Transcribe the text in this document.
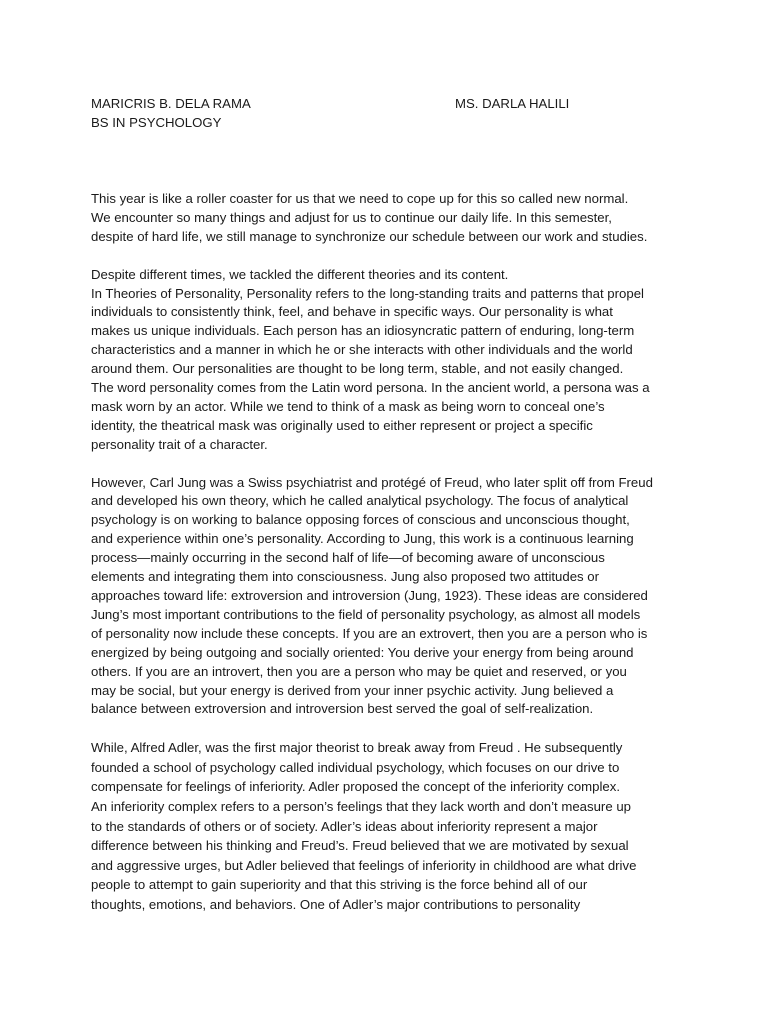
MARICRIS B. DELA RAMA	MS. DARLA HALILI
BS IN PSYCHOLOGY

This year is like a roller coaster for us that we need to cope up for this so called new normal.
We encounter so many things and adjust for us to continue our daily life. In this semester,
despite of hard life, we still manage to synchronize our schedule between our work and studies.

Despite different times, we tackled the different theories and its content.

In Theories of Personality, Personality refers to the long-standing traits and patterns that propel
individuals to consistently think, feel, and behave in specific ways. Our personality is what
makes us unique individuals. Each person has an idiosyncratic pattern of enduring, long-term
characteristics and a manner in which he or she interacts with other individuals and the world
around them. Our personalities are thought to be long term, stable, and not easily changed.
The word personality comes from the Latin word persona. In the ancient world, a persona was a
mask worn by an actor. While we tend to think of a mask as being worn to conceal one’s
identity, the theatrical mask was originally used to either represent or project a specific
personality trait of a character.

However, Carl Jung was a Swiss psychiatrist and protégé of Freud, who later split off from Freud
and developed his own theory, which he called analytical psychology. The focus of analytical
psychology is on working to balance opposing forces of conscious and unconscious thought,
and experience within one’s personality. According to Jung, this work is a continuous learning
process—mainly occurring in the second half of life—of becoming aware of unconscious
elements and integrating them into consciousness. Jung also proposed two attitudes or
approaches toward life: extroversion and introversion (Jung, 1923). These ideas are considered
Jung’s most important contributions to the field of personality psychology, as almost all models
of personality now include these concepts. If you are an extrovert, then you are a person who is
energized by being outgoing and socially oriented: You derive your energy from being around
others. If you are an introvert, then you are a person who may be quiet and reserved, or you
may be social, but your energy is derived from your inner psychic activity. Jung believed a
balance between extroversion and introversion best served the goal of self-realization.

While, Alfred Adler, was the first major theorist to break away from Freud . He subsequently
founded a school of psychology called individual psychology, which focuses on our drive to
compensate for feelings of inferiority. Adler proposed the concept of the inferiority complex.
An inferiority complex refers to a person’s feelings that they lack worth and don’t measure up
to the standards of others or of society. Adler’s ideas about inferiority represent a major
difference between his thinking and Freud’s. Freud believed that we are motivated by sexual
and aggressive urges, but Adler believed that feelings of inferiority in childhood are what drive
people to attempt to gain superiority and that this striving is the force behind all of our
thoughts, emotions, and behaviors. One of Adler’s major contributions to personality
